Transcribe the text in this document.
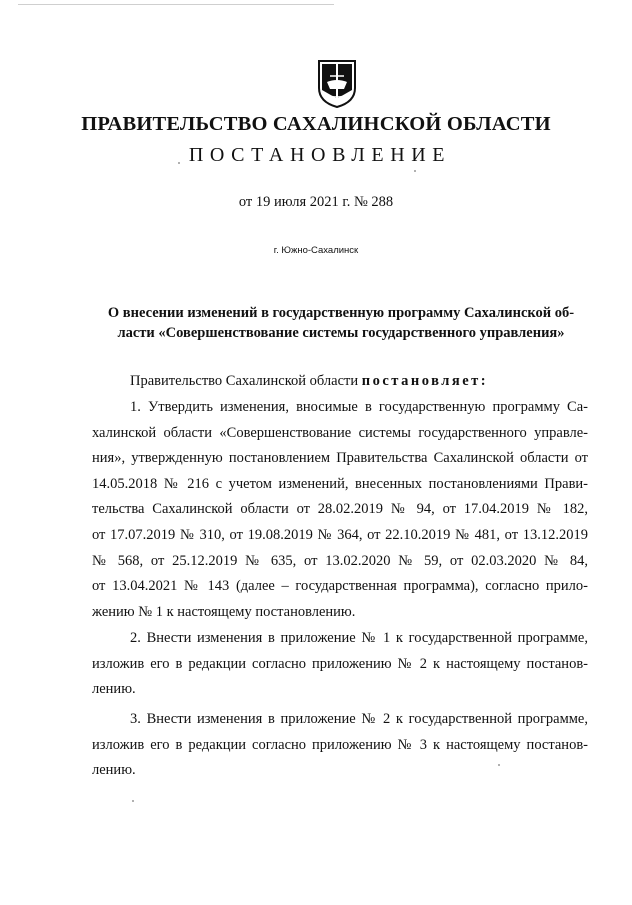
ПРАВИТЕЛЬСТВО САХАЛИНСКОЙ ОБЛАСТИ
ПОСТАНОВЛЕНИЕ
от 19 июля 2021 г. № 288
г. Южно-Сахалинск

О внесении изменений в государственную программу Сахалинской об-
ласти «Совершенствование системы государственного управления»

Правительство Сахалинской области постановляет:
1. Утвердить изменения, вносимые в государственную программу Са-
халинской области «Совершенствование системы государственного управле-
ния», утвержденную постановлением Правительства Сахалинской области от
14.05.2018 № 216 с учетом изменений, внесенных постановлениями Прави-
тельства Сахалинской области от 28.02.2019 № 94, от 17.04.2019 № 182,
от 17.07.2019 № 310, от 19.08.2019 № 364, от 22.10.2019 № 481, от 13.12.2019
№ 568, от 25.12.2019 № 635, от 13.02.2020 № 59, от 02.03.2020 № 84,
от 13.04.2021 № 143 (далее – государственная программа), согласно прило-
жению № 1 к настоящему постановлению.
2. Внести изменения в приложение № 1 к государственной программе,
изложив его в редакции согласно приложению № 2 к настоящему постанов-
лению.
3. Внести изменения в приложение № 2 к государственной программе,
изложив его в редакции согласно приложению № 3 к настоящему постанов-
лению.
